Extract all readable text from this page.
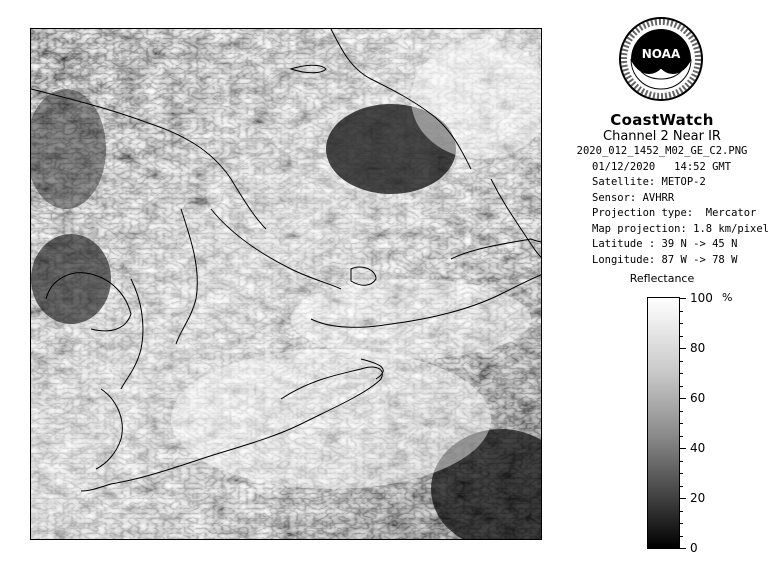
NOAA
CoastWatch
Channel 2 Near IR
2020_012_1452_M02_GE_C2.PNG
01/12/2020   14:52 GMT
Satellite: METOP-2
Sensor: AVHRR
Projection type:  Mercator
Map projection: 1.8 km/pixel
Latitude : 39 N -> 45 N
Longitude: 87 W -> 78 W
Reflectance
%
100
80
60
40
20
0
